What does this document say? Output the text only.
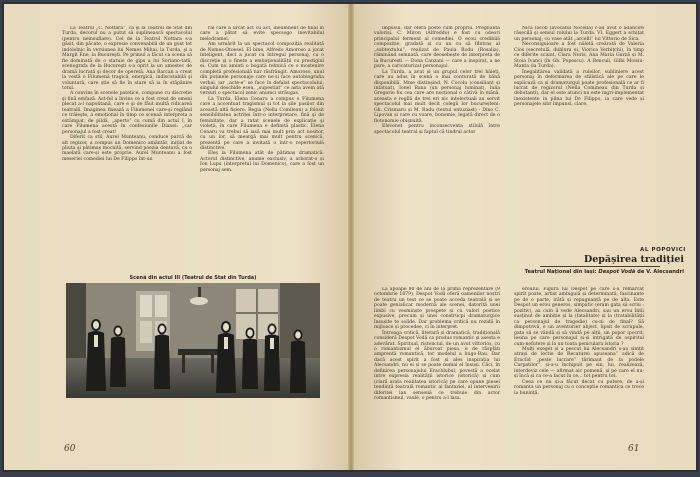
La Teatrul „C. Nottara”, ca şi la Teatrul de Stat din Turda, decorul nu a putut să suplinească spectacolul (pentru neinsuflare). Cel de la Teatrul Nottara s-a găsit, din păcate, o expresie convenabilă de un gust tot indoielnic în versiunea lui Nemes Mihai, la Turda, şi a Margit Ene, la Bucureşti. Pe primul a făcut ca scena să fie dominată de o statuie de gips a lui Soriano-tată, scenografa de la Bucureşti s-a oprit la un amestec de dramă lucrată şi decor de operetă. Ana Barcan a creat la vestă o Filumenă tragică, energică, indiscutabilă şi voluntară, care ştie să fie în stare să ia în stăpânire totul.

A convins în scenele patetice, compune cu discreție şi fină emfază. Ast-fel a învins ce a fost creat de omeni plecat a-l napolitană, care e şi de făut multă ridicareă teatrală. Imaginea fixează a Filumenei care-şi reglând ce trăieşte, a emoțional în timp ce scenaă interpreta a extâmpat, de pildă, „aperto” cu cumă din actul I, în care Filumena acestă în confesiunile Dianei: „car personajul a fost creat!

Diferit ca stil, Aurel Munteanu, conduce parcă de alt regizor, a compus un Domenico amântăr, inițiat de pliuta şi pătimaș mocnită, servind poezia dentuvă, cu o maelată care-și este proprie. Aurel Munteanu a fost meseriei comediei lui De Filippo înt-un

ral care a urcat act cu act, ineumnent de final în care a pătat să evite specsogo inevitabilul melodramei.

Am urmărit la un spectacol compoziția realitată de Nemes-Otoesel. El bine, Alfredo Amoroso a jucat inteligent, deci a jucat cu întregul personaj, cu o discreție şi o finete a embaţionalității cu prestigiul ei. Cum nu aminti o bogată tehnică ce o moștenire completă profesională nar răsfrângit. Amoroso, unul din puținele personaje care ne-și face autobiografia verbal, iar „acte-e” se face în defalat spectacolului, singulul deschide eseu, „supestiat” ce asta avem ată versuri o spectacol zenic anumci străugas.

La Turda, Elena Cenaru a compus o Filumena care a accentuat tragismul și tot la șile pasilor din această altă fișiere. Regia (Nella Comilean) a folosit sensibilitatea actriței într-o interpretare, fină şi de feminitate, dar a ratat scenele de explicație şi violeță, în care Filumena e definită plastic. Elena Cenaru va trebui să iasă mai mult prin act nositor, cu un lor, să meargă mai mult pentru scenică, prezentă pe care a invitată o într-o repertoriulă distinctive.

Eleș la Filumena atât de pătimaș dramatică. Actorul distinctive, anume exclusiv, a arborat-o și Ion Lupu (interpretul lui Domenico), care a fost un personaj sem.

Scenă din actul III (Teatrul de Stat din Turda)
60

impusul, dar oferă poste cum propriu. Pregnantă valoriși. C. Miron (Alfreddo) e fost cu odeori principalul ferment al comediei. O ecou credibilă compoziție, gradată și cu un cu să flîntraș al „subtextului”, realizat de Paula Rodu (Rosalia), rămlnând semnată, care deosebește de interpreta de la București — Dona Canzani — care a inspirat, a ne pare, a caricaturizat personajul.

La Turda, a avut și un grupul celor trei băieți, care au adus în scenă o mai conturată de bănă disponibilă. Mme distinșind, N. Cocolu (consiliant și infatuat), Ionel Bana (un personaj luminat), Iulia Gregorie fiu cea care are nocțional o câtivă în mână, aceasta e regîlă de trei eri nic intelectuali au servit spectacolul mai mult decit colegii lor bucureșteni: Gh. Crismaru și M. Radu (textul entuziast) - Dino C. Lipovan și care cu voare, bonomie, legată direct de o flotonomie obișnuită.

Elevenet pentru inconsecventa stilulă între spectacolul teatral și faptul că tindrul actor

Nica Iacob (avocatul Nocella) c-au avut o adâncire răsecilă şi sensul rolului la Turda. VI. Eggert a schițat un personaj; cu vase atât „arcelli” lui Vittorio de Sica.

Neconsiguioare a fost năletă creărată de Valeria Cios (secretulă, dublura ei, Viorica Verbițchi), în timp ce diferite sciunt, Clara Noris, Ana Maria Gurză și M. Stoia Ivanci (în Gb. Popescu). A Bencuii, Gilbi Moisiu-Manta (la Turda).

Înegalitărea validată a ruleilor, subliniere acest personaj în deformarea de stilistică ale pe care le explicază ca și dramaturgul poate profesională ce ar fi lucrat de regizorul (Nella Comineau din Turda și debutanti), dar el este atunci nu este ingri-implementat inexistente in plina lui De Filippo, ia care vede și personajele sinr impunsi, clare.

La apoape 80 de ani de la prima reprezentare (9 octombrie 1879), Despot Vodă oferă oamenilor noștri de teatru un text ce se poate acceda teatrală și se poate genialicar modernă ale scenei, datorită unei limbi cu vesminște prospete și cu valori poetice expusive, precum și unei construcpi dramaturgice însușite te solide. Dar problema critică nu rezidă în mijloace și procedee, ci în interpret.

Întreaga critică, literară și dramatică, tradițională consideră Despot Vodă ca produs romantic și asesta e adevărat. Spiritual, riștenciul, de un avut vittorios, cu o romantizmul el ăburoat piesa, e de răsplăti amprentă romantică, tor modelul a hugo-Bau. Dar dacă acest spirit a fost și ales inspirația lui Alecsandri, nu ei și se poate numai el însuși. Căci, în definirea personajului Erachlubul, povestă a ocelat intre expresia realității istorice (istorică) și cum (clară arata realitatea istorică) pe care opune piesei tendință teatrală romantic al fantaziei, al intervenirii diferitei lan sensenă ce trebuie din actor romantismul, vaulé, o pentru a-l lasa.

eroului. Figura lui Despot pe care s-a remarcat spirit poate, artist ambiguiă și determinată, fascinante pe de o parte, irătă și repugnantă pe de alta. Este Despot un erou generos, simpatic (eram gata să scriu : pozitiv), aa cum il vede Alecsandri, sau un erou întîi susținut de ambiție și la (fatalitate) și la (tratabilității ca personajul de tragedie) cu-ni de final? Să dimpotrivă, e un aventurier abject, lipsit de scrupule, gata să se vândă și să vindă pe alții, un popor ipocrit, lesina pe care personajul și-și intrigată de ospiritul cum-nefutere și la un toata peniculara istoria ?

Mulți exeget și a pescut lui Alecsandri s-au simțit atrași de lectie de Recaturei apuseana” adică de Eraclid „peste lucrare” tărimaut de la podele Carpatilor”, și-a-u închipuit pe sin, lui, realizează, interdeviz cele — afirmat aic pomenă, și pe care el nu-și încâ și ca ce-a facut în ce... tot pentru tot.

Ceea ce nu și-a făcut decat cu putere, de a-și romanta un personaj cu o conceptie romantica ce trece la bunință.

61
AL POPOVICI
Depășirea tradiției
Teatrul Național din Iași: Despot Vodă de V. Alecsandri
